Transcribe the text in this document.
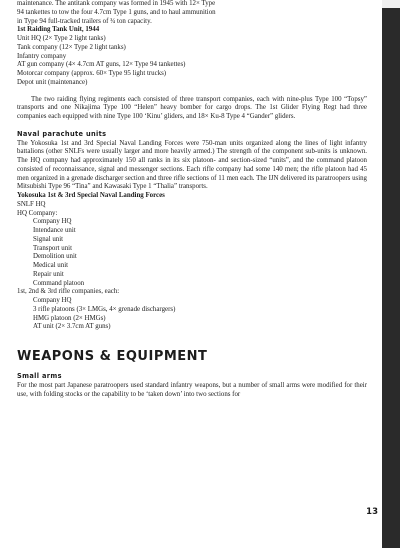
maintenance. The antitank company was formed in 1945 with 12× Type

94 tankettes to tow the four 4.7cm Type 1 guns, and to haul ammunition

in Type 94 full-tracked trailers of ¾ ton capacity.

1st Raiding Tank Unit, 1944

Unit HQ (2× Type 2 light tanks)

Tank company (12× Type 2 light tanks)

Infantry company

AT gun company (4× 4.7cm AT guns, 12× Type 94 tankettes)

Motorcar company (approx. 60× Type 95 light trucks)

Depot unit (maintenance)

The two raiding flying regiments each consisted of three transport companies, each with nine-plus Type 100 “Topsy” transports and one Nikajima Type 100 “Helen” heavy bomber for cargo drops. The 1st Glider Flying Regt had three companies each equipped with nine Type 100 ‘Kinu’ gliders, and 18× Ku-8 Type 4 “Gander” gliders.

Naval parachute units

The Yokosuka 1st and 3rd Special Naval Landing Forces were 750-man units organized along the lines of light infantry battalions (other SNLFs were usually larger and more heavily armed.) The strength of the component sub-units is unknown. The HQ company had approximately 150 all ranks in its six platoon- and section-sized “units”, and the command platoon consisted of reconnaissance, signal and messenger sections. Each rifle company had some 140 men; the rifle platoon had 45 men organized in a grenade discharger section and three rifle sections of 11 men each. The IJN delivered its paratroopers using Mitsubishi Type 96 “Tina” and Kawasaki Type 1 “Thalia” transports.

Yokosuka 1st & 3rd Special Naval Landing Forces

SNLF HQ

HQ Company:

Company HQ

Intendance unit

Signal unit

Transport unit

Demolition unit

Medical unit

Repair unit

Command platoon

1st, 2nd & 3rd rifle companies, each:

Company HQ

3 rifle platoons (3× LMGs, 4× grenade dischargers)

HMG platoon (2× HMGs)

AT unit (2× 3.7cm AT guns)

WEAPONS & EQUIPMENT

Small arms

For the most part Japanese paratroopers used standard infantry weapons, but a number of small arms were modified for their use, with folding stocks or the capability to be ‘taken down’ into two sections for

13
